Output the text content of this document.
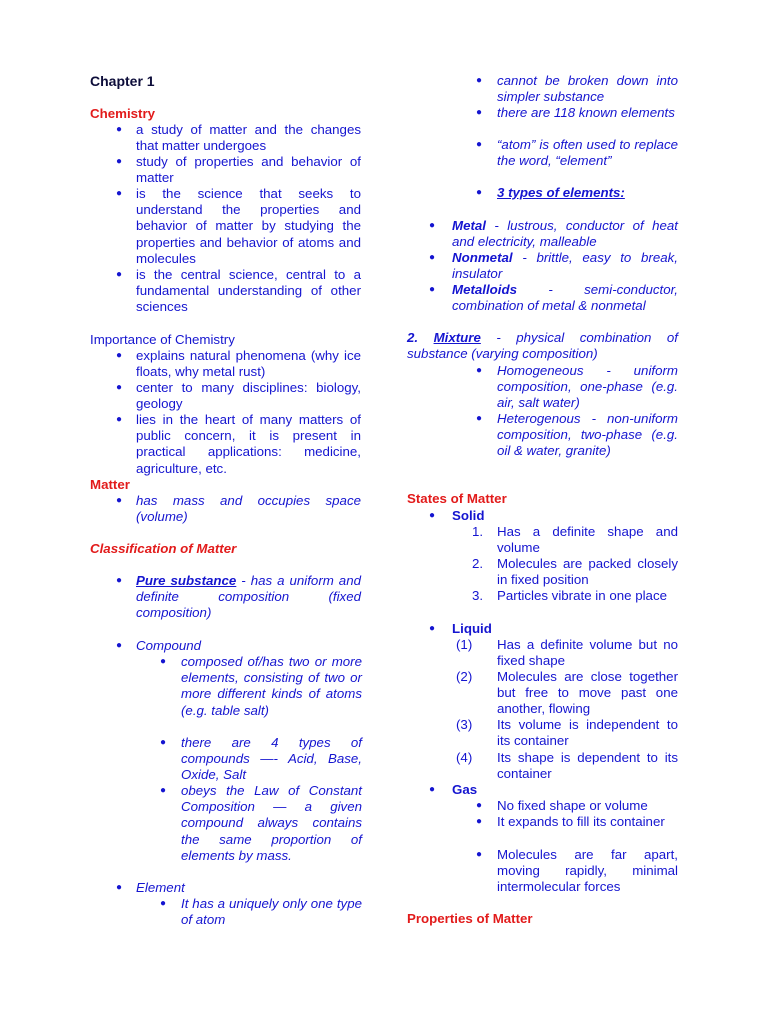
Chapter 1
Chemistry
● a study of matter and the changes that matter undergoes

● study of properties and behavior of matter

● is the science that seeks to understand the properties and behavior of matter by studying the properties and behavior of atoms and molecules

● is the central science, central to a fundamental understanding of other sciences

Importance of Chemistry
● explains natural phenomena (why ice floats, why metal rust)

● center to many disciplines: biology, geology

● lies in the heart of many matters of public concern, it is present in practical applications: medicine, agriculture, etc.

Matter
● has mass and occupies space (volume)

Classification of Matter
● Pure substance - has a uniform and definite composition (fixed composition)

● Compound
● composed of/has two or more elements, consisting of two or more different kinds of atoms (e.g. table salt)

● there are 4 types of compounds —- Acid, Base, Oxide, Salt

● obeys the Law of Constant Composition — a given compound always contains the same proportion of elements by mass.

● Element
● It has a uniquely only one type of atom

● cannot be broken down into simpler substance

● there are 118 known elements

● “atom” is often used to replace the word, “element”

● 3 types of elements:
● Metal - lustrous, conductor of heat and electricity, malleable

● Nonmetal - brittle, easy to break, insulator

● Metalloids - semi-conductor, combination of metal & nonmetal

2. Mixture - physical combination of substance (varying composition)

● Homogeneous - uniform composition, one-phase (e.g. air, salt water)

● Heterogenous - non-uniform composition, two-phase (e.g. oil & water, granite)

States of Matter
● Solid
1. Has a definite shape and volume

2. Molecules are packed closely in fixed position

3. Particles vibrate in one place

● Liquid
(1) Has a definite volume but no fixed shape

(2) Molecules are close together but free to move past one another, flowing

(3) Its volume is independent to its container

(4) Its shape is dependent to its container

● Gas
● No fixed shape or volume

● It expands to fill its container

● Molecules are far apart, moving rapidly, minimal intermolecular forces

Properties of Matter
